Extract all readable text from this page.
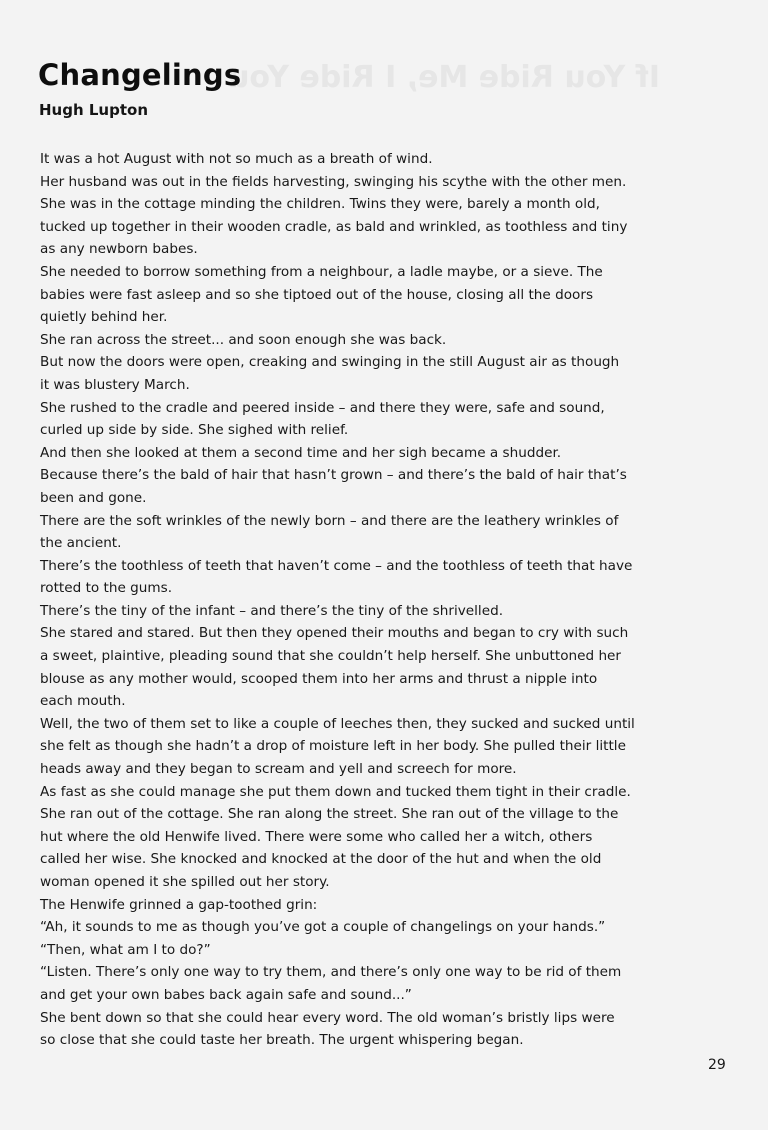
If You Ride Me, I Ride You
Changelings
Hugh Lupton
It was a hot August with not so much as a breath of wind.
Her husband was out in the fields harvesting, swinging his scythe with the other men.
She was in the cottage minding the children. Twins they were, barely a month old,
tucked up together in their wooden cradle, as bald and wrinkled, as toothless and tiny
as any newborn babes.
She needed to borrow something from a neighbour, a ladle maybe, or a sieve. The
babies were fast asleep and so she tiptoed out of the house, closing all the doors
quietly behind her.
She ran across the street... and soon enough she was back.
But now the doors were open, creaking and swinging in the still August air as though
it was blustery March.
She rushed to the cradle and peered inside – and there they were, safe and sound,
curled up side by side. She sighed with relief.
And then she looked at them a second time and her sigh became a shudder.
Because there’s the bald of hair that hasn’t grown – and there’s the bald of hair that’s
been and gone.
There are the soft wrinkles of the newly born – and there are the leathery wrinkles of
the ancient.
There’s the toothless of teeth that haven’t come – and the toothless of teeth that have
rotted to the gums.
There’s the tiny of the infant – and there’s the tiny of the shrivelled.
She stared and stared. But then they opened their mouths and began to cry with such
a sweet, plaintive, pleading sound that she couldn’t help herself. She unbuttoned her
blouse as any mother would, scooped them into her arms and thrust a nipple into
each mouth.
Well, the two of them set to like a couple of leeches then, they sucked and sucked until
she felt as though she hadn’t a drop of moisture left in her body. She pulled their little
heads away and they began to scream and yell and screech for more.
As fast as she could manage she put them down and tucked them tight in their cradle.
She ran out of the cottage. She ran along the street. She ran out of the village to the
hut where the old Henwife lived. There were some who called her a witch, others
called her wise. She knocked and knocked at the door of the hut and when the old
woman opened it she spilled out her story.
The Henwife grinned a gap-toothed grin:
“Ah, it sounds to me as though you’ve got a couple of changelings on your hands.”
“Then, what am I to do?”
“Listen. There’s only one way to try them, and there’s only one way to be rid of them
and get your own babes back again safe and sound...”
She bent down so that she could hear every word. The old woman’s bristly lips were
so close that she could taste her breath. The urgent whispering began.
29
